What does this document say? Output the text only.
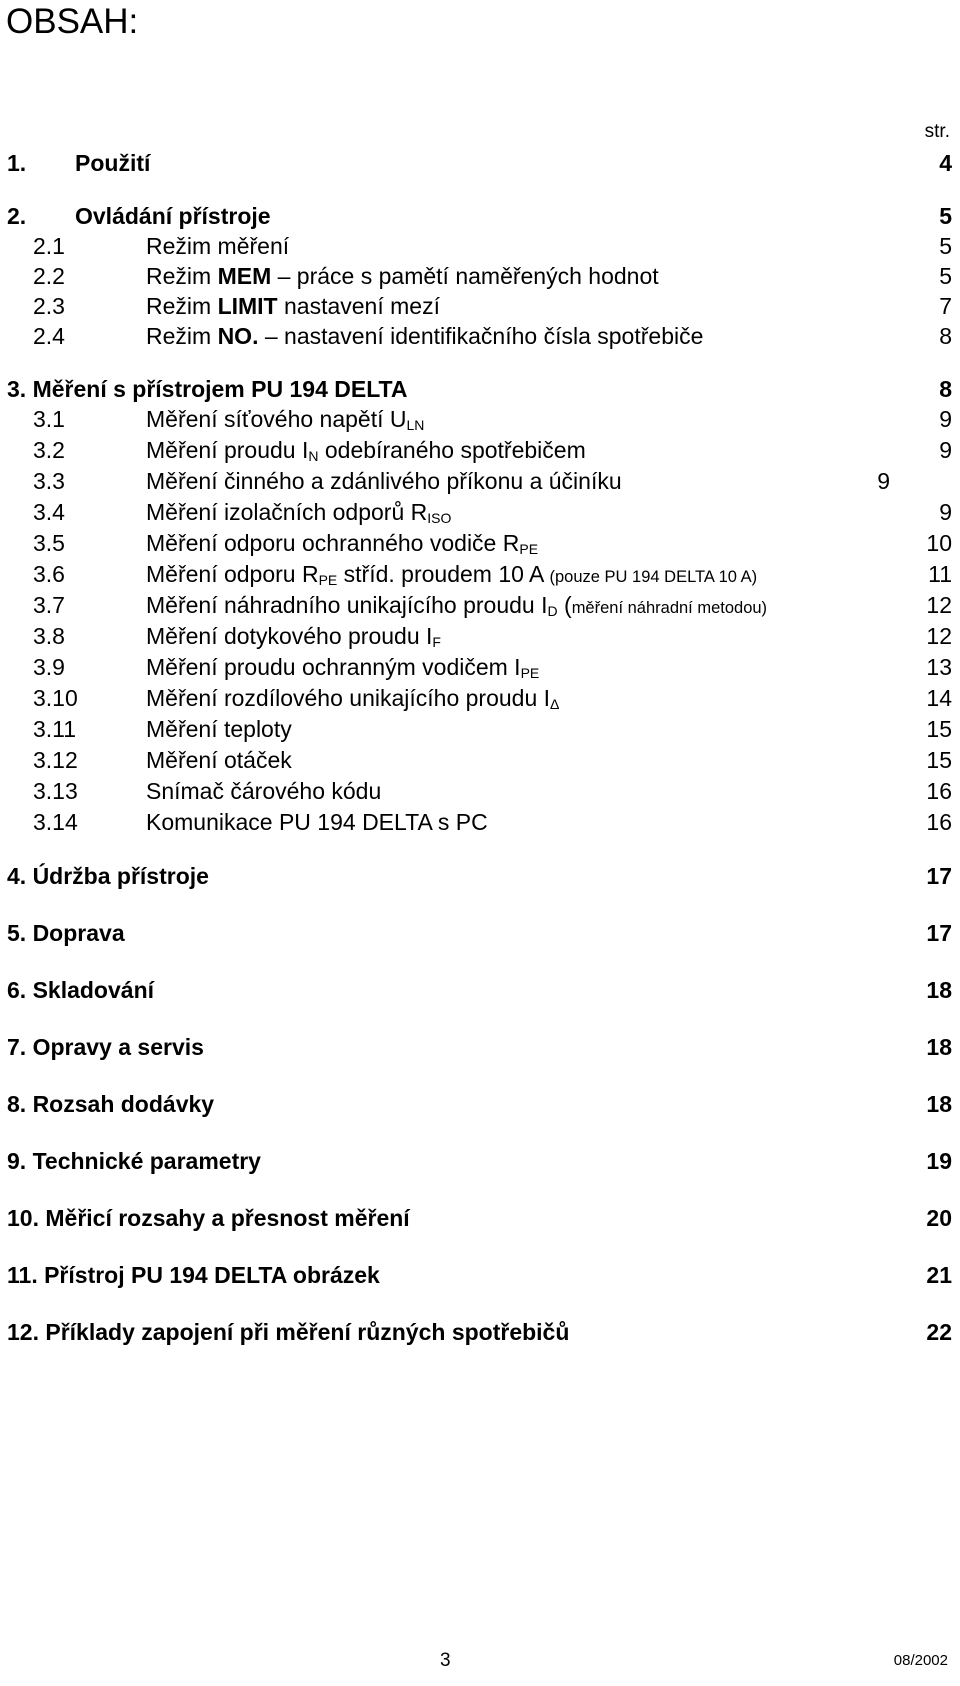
OBSAH:
str.
1. Použití	4
2. Ovládání přístroje	5
2.1	Režim měření	5
2.2	Režim MEM – práce s pamětí naměřených hodnot	5
2.3	Režim LIMIT nastavení mezí	7
2.4	Režim NO. – nastavení identifikačního čísla spotřebiče	8
3. Měření s přístrojem PU 194 DELTA	8
3.1	Měření síťového napětí $U_{LN}$	9
3.2	Měření proudu $I_N$ odebíraného spotřebičem	9
3.3	Měření činného a zdánlivého příkonu a účiníku	9
3.4	Měření izolačních odporů $R_{ISO}$	9
3.5	Měření odporu ochranného vodiče $R_{PE}$	10
3.6	Měření odporu $R_{PE}$ stříd. proudem 10 A (pouze PU 194 DELTA 10 A)	11
3.7	Měření náhradního unikajícího proudu $I_D$ (měření náhradní metodou)	12
3.8	Měření dotykového proudu $I_F$	12
3.9	Měření proudu ochranným vodičem $I_{PE}$	13
3.10	Měření rozdílového unikajícího proudu $I_\Delta$	14
3.11	Měření teploty	15
3.12	Měření otáček	15
3.13	Snímač čárového kódu	16
3.14	Komunikace PU 194 DELTA s PC	16
4. Údržba přístroje	17
5. Doprava	17
6. Skladování	18
7. Opravy a servis	18
8. Rozsah dodávky	18
9. Technické parametry	19
10. Měřicí rozsahy a přesnost měření	20
11. Přístroj PU 194 DELTA obrázek	21
12. Příklady zapojení při měření různých spotřebičů	22
3	08/2002
